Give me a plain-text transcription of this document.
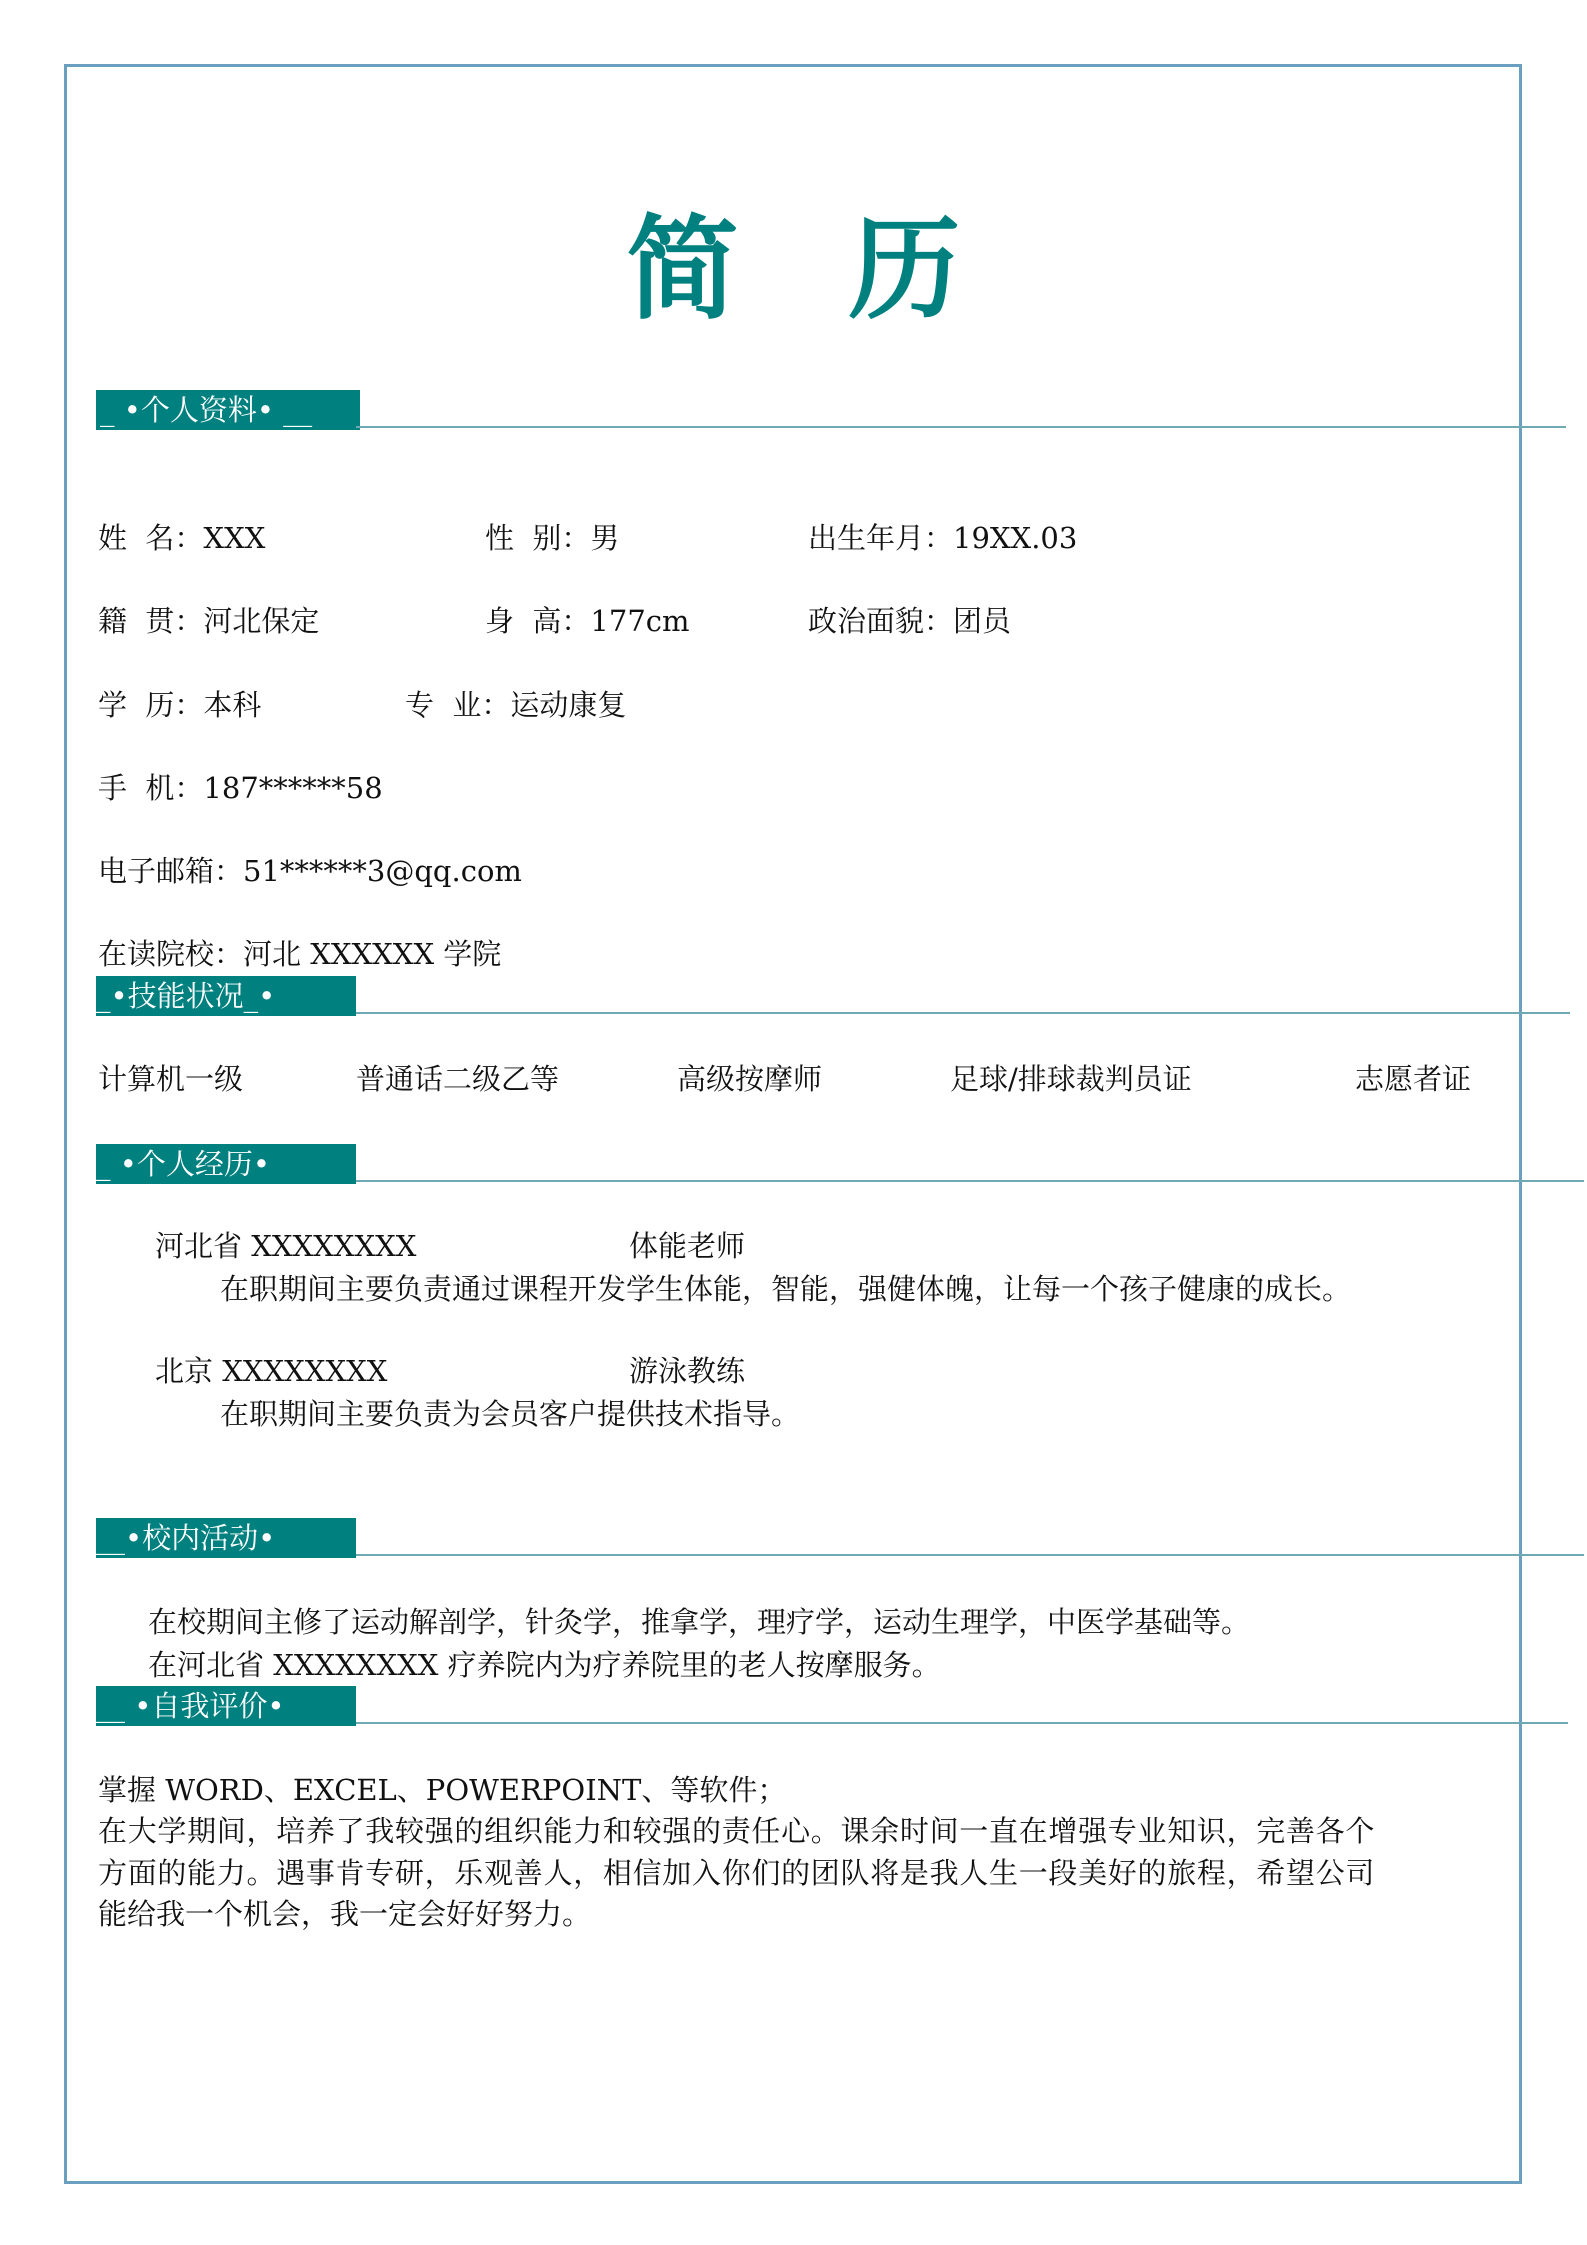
简历
_ •个人资料• __
姓  名：XXX	性  别：男	出生年月：19XX.03
籍  贯：河北保定	身  高：177cm	政治面貌：团员
学  历：本科	专  业：运动康复
手  机：187******58
电子邮箱：51******3@qq.com
在读院校：河北 XXXXXX 学院
_•技能状况_•
计算机一级	普通话二级乙等	高级按摩师	足球/排球裁判员证	志愿者证
_ •个人经历•
河北省 XXXXXXXX	体能老师
在职期间主要负责通过课程开发学生体能，智能，强健体魄，让每一个孩子健康的成长。
北京 XXXXXXXX	游泳教练
在职期间主要负责为会员客户提供技术指导。
__•校内活动•
在校期间主修了运动解剖学，针灸学，推拿学，理疗学，运动生理学，中医学基础等。
在河北省 XXXXXXXX 疗养院内为疗养院里的老人按摩服务。
__ •自我评价•
掌握 WORD、EXCEL、POWERPOINT、等软件；
在大学期间，培养了我较强的组织能力和较强的责任心。课余时间一直在增强专业知识，完善各个
方面的能力。遇事肯专研，乐观善人，相信加入你们的团队将是我人生一段美好的旅程，希望公司
能给我一个机会，我一定会好好努力。
